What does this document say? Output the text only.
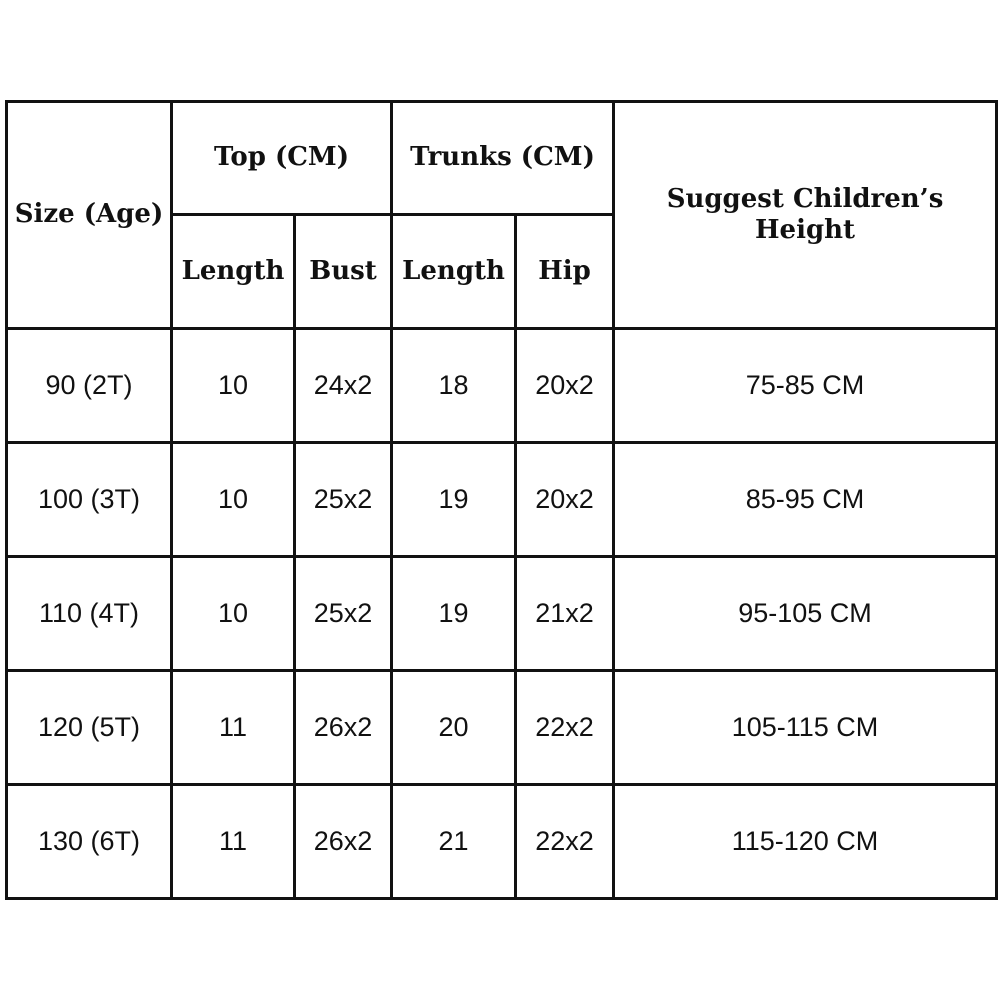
Size (Age)	Top (CM)		Trunks (CM)		Suggest Children’s Height
	Length	Bust	Length	Hip	
90 (2T)	10	24x2	18	20x2	75-85 CM
100 (3T)	10	25x2	19	20x2	85-95 CM
110 (4T)	10	25x2	19	21x2	95-105 CM
120 (5T)	11	26x2	20	22x2	105-115 CM
130 (6T)	11	26x2	21	22x2	115-120 CM
